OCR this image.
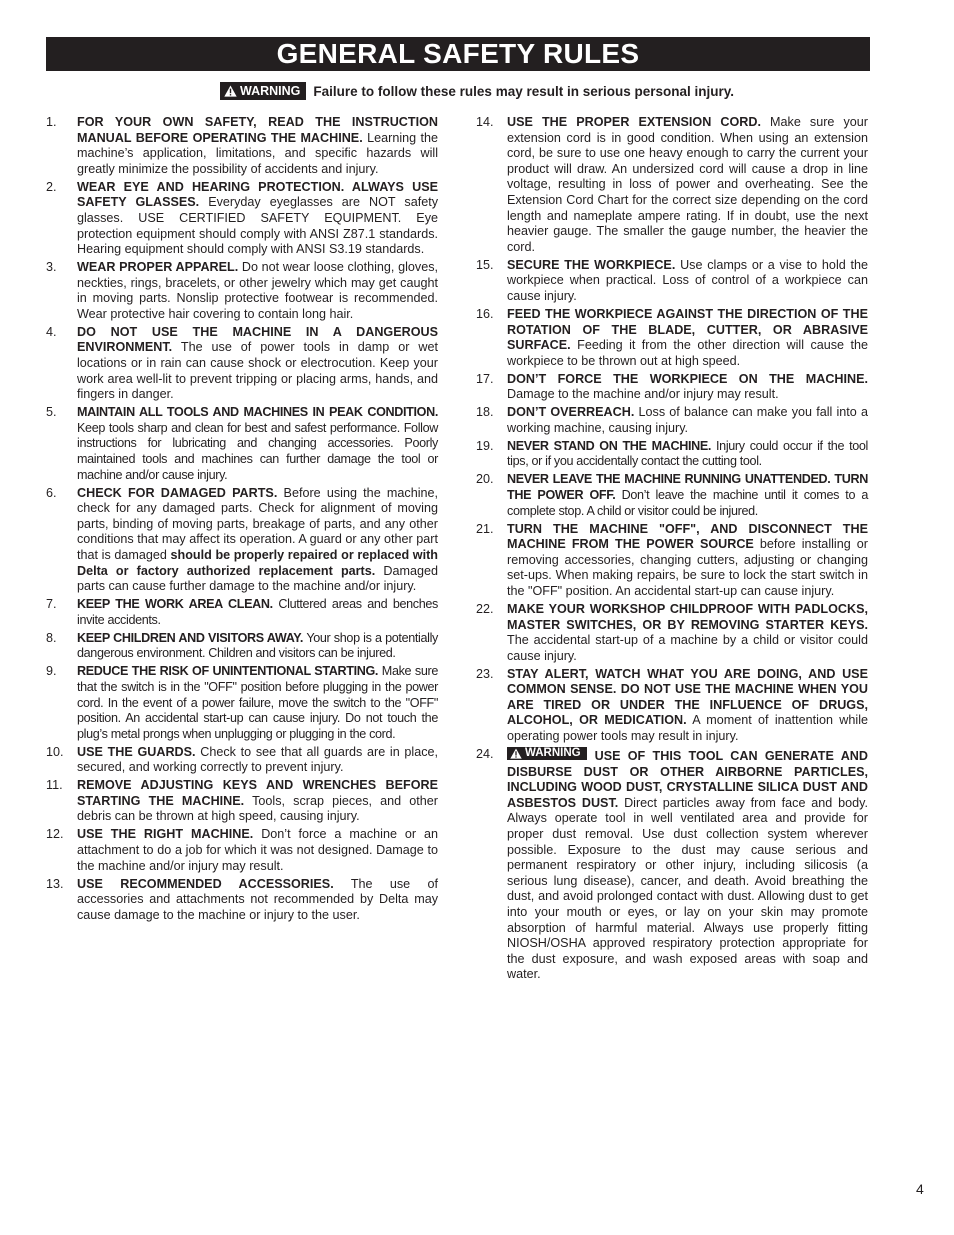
GENERAL SAFETY RULES
WARNING Failure to follow these rules may result in serious personal injury.
1.	FOR YOUR OWN SAFETY, READ THE INSTRUCTION MANUAL BEFORE OPERATING THE MACHINE. Learning the machine’s application, limitations, and specific hazards will greatly minimize the possibility of accidents and injury.
2.	WEAR EYE AND HEARING PROTECTION. ALWAYS USE SAFETY GLASSES. Everyday eyeglasses are NOT safety glasses. USE CERTIFIED SAFETY EQUIPMENT. Eye protection equipment should comply with ANSI Z87.1 standards. Hearing equipment should comply with ANSI S3.19 standards.
3.	WEAR PROPER APPAREL. Do not wear loose clothing, gloves, neckties, rings, bracelets, or other jewelry which may get caught in moving parts. Nonslip protective footwear is recommended. Wear protective hair covering to contain long hair.
4.	DO NOT USE THE MACHINE IN A DANGEROUS ENVIRONMENT. The use of power tools in damp or wet locations or in rain can cause shock or electrocution. Keep your work area well-lit to prevent tripping or placing arms, hands, and fingers in danger.
5.	MAINTAIN ALL TOOLS AND MACHINES IN PEAK CONDITION. Keep tools sharp and clean for best and safest performance. Follow instructions for lubricating and changing accessories. Poorly maintained tools and machines can further damage the tool or machine and/or cause injury.
6.	CHECK FOR DAMAGED PARTS. Before using the machine, check for any damaged parts. Check for alignment of moving parts, binding of moving parts, breakage of parts, and any other conditions that may affect its operation. A guard or any other part that is damaged should be properly repaired or replaced with Delta or factory authorized replacement parts. Damaged parts can cause further damage to the machine and/or injury.
7.	KEEP THE WORK AREA CLEAN. Cluttered areas and benches invite accidents.
8.	KEEP CHILDREN AND VISITORS AWAY. Your shop is a potentially dangerous environment. Children and visitors can be injured.
9.	REDUCE THE RISK OF UNINTENTIONAL STARTING. Make sure that the switch is in the "OFF" position before plugging in the power cord. In the event of a power failure, move the switch to the "OFF" position. An accidental start-up can cause injury. Do not touch the plug’s metal prongs when unplugging or plugging in the cord.
10.	USE THE GUARDS. Check to see that all guards are in place, secured, and working correctly to prevent injury.
11.	REMOVE ADJUSTING KEYS AND WRENCHES BEFORE STARTING THE MACHINE. Tools, scrap pieces, and other debris can be thrown at high speed, causing injury.
12.	USE THE RIGHT MACHINE. Don’t force a machine or an attachment to do a job for which it was not designed. Damage to the machine and/or injury may result.
13.	USE RECOMMENDED ACCESSORIES. The use of accessories and attachments not recommended by Delta may cause damage to the machine or injury to the user.
14.	USE THE PROPER EXTENSION CORD. Make sure your extension cord is in good condition. When using an extension cord, be sure to use one heavy enough to carry the current your product will draw. An undersized cord will cause a drop in line voltage, resulting in loss of power and overheating. See the Extension Cord Chart for the correct size depending on the cord length and nameplate ampere rating. If in doubt, use the next heavier gauge. The smaller the gauge number, the heavier the cord.
15.	SECURE THE WORKPIECE. Use clamps or a vise to hold the workpiece when practical. Loss of control of a workpiece can cause injury.
16.	FEED THE WORKPIECE AGAINST THE DIRECTION OF THE ROTATION OF THE BLADE, CUTTER, OR ABRASIVE SURFACE. Feeding it from the other direction will cause the workpiece to be thrown out at high speed.
17.	DON’T FORCE THE WORKPIECE ON THE MACHINE. Damage to the machine and/or injury may result.
18.	DON’T OVERREACH. Loss of balance can make you fall into a working machine, causing injury.
19.	NEVER STAND ON THE MACHINE. Injury could occur if the tool tips, or if you accidentally contact the cutting tool.
20.	NEVER LEAVE THE MACHINE RUNNING UNATTENDED. TURN THE POWER OFF. Don’t leave the machine until it comes to a complete stop. A child or visitor could be injured.
21.	TURN THE MACHINE "OFF", AND DISCONNECT THE MACHINE FROM THE POWER SOURCE before installing or removing accessories, changing cutters, adjusting or changing set-ups. When making repairs, be sure to lock the start switch in the "OFF" position. An accidental start-up can cause injury.
22.	MAKE YOUR WORKSHOP CHILDPROOF WITH PADLOCKS, MASTER SWITCHES, OR BY REMOVING STARTER KEYS. The accidental start-up of a machine by a child or visitor could cause injury.
23.	STAY ALERT, WATCH WHAT YOU ARE DOING, AND USE COMMON SENSE. DO NOT USE THE MACHINE WHEN YOU ARE TIRED OR UNDER THE INFLUENCE OF DRUGS, ALCOHOL, OR MEDICATION. A moment of inattention while operating power tools may result in injury.
24.	WARNING USE OF THIS TOOL CAN GENERATE AND DISBURSE DUST OR OTHER AIRBORNE PARTICLES, INCLUDING WOOD DUST, CRYSTALLINE SILICA DUST AND ASBESTOS DUST. Direct particles away from face and body. Always operate tool in well ventilated area and provide for proper dust removal. Use dust collection system wherever possible. Exposure to the dust may cause serious and permanent respiratory or other injury, including silicosis (a serious lung disease), cancer, and death. Avoid breathing the dust, and avoid prolonged contact with dust. Allowing dust to get into your mouth or eyes, or lay on your skin may promote absorption of harmful material. Always use properly fitting NIOSH/OSHA approved respiratory protection appropriate for the dust exposure, and wash exposed areas with soap and water.
4
